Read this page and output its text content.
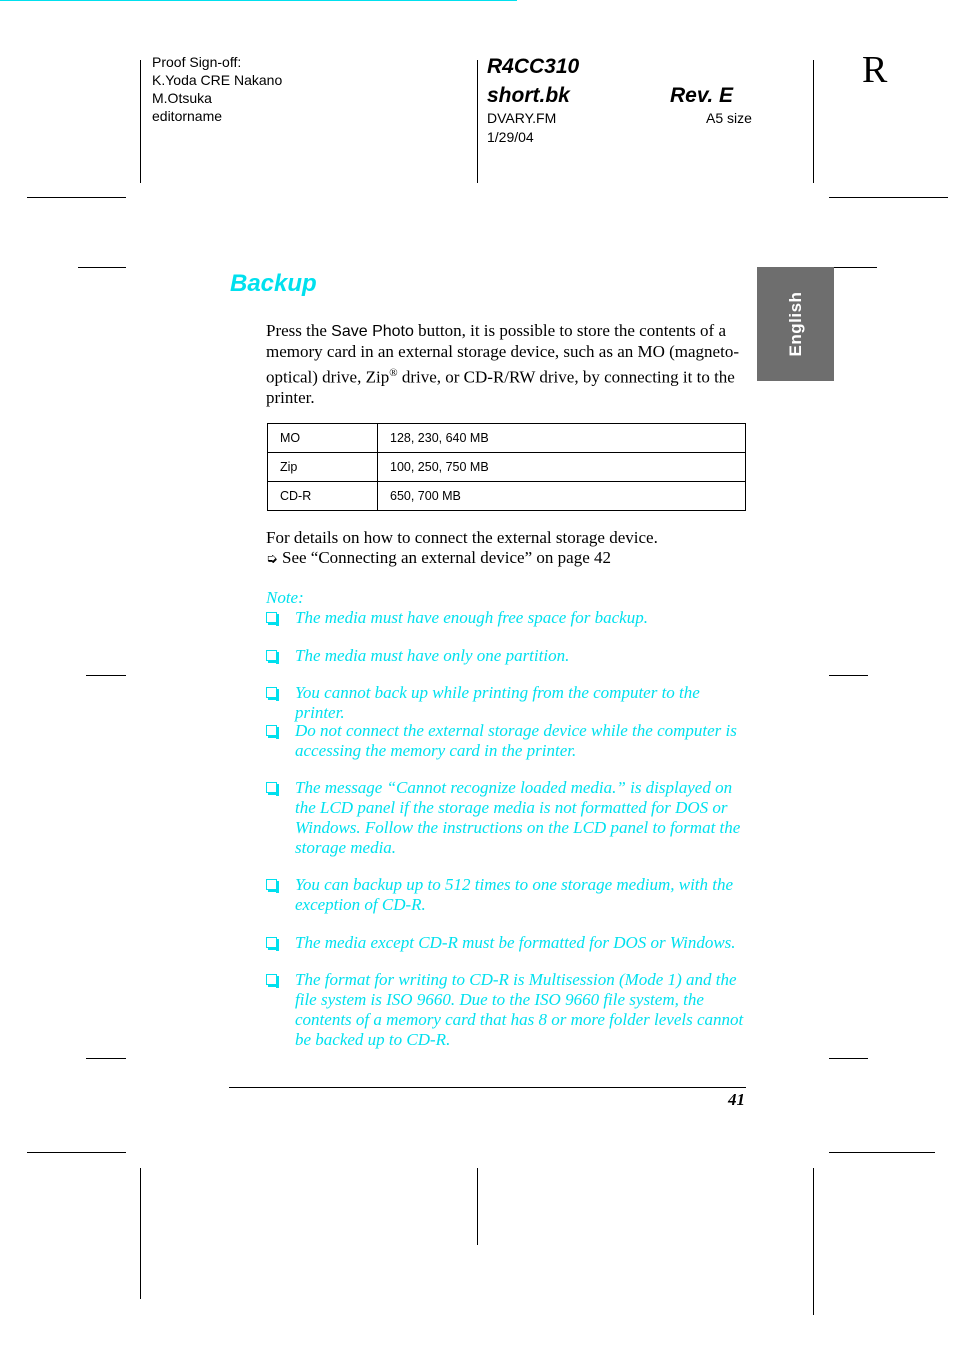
Proof Sign-off:
K.Yoda CRE Nakano
M.Otsuka
editorname
R4CC310
short.bk	Rev. E
DVARY.FM
1/29/04
A5 size
R
English
Backup
Press the Save Photo button, it is possible to store the contents of a memory card in an external storage device, such as an MO (magneto-optical) drive, Zip® drive, or CD-R/RW drive, by connecting it to the printer.
MO	128, 230, 640 MB
Zip	100, 250, 750 MB
CD-R	650, 700 MB
For details on how to connect the external storage device.
➭ See “Connecting an external device” on page 42
Note:
The media must have enough free space for backup.
The media must have only one partition.
You cannot back up while printing from the computer to the printer.
Do not connect the external storage device while the computer is accessing the memory card in the printer.
The message “Cannot recognize loaded media.” is displayed on the LCD panel if the storage media is not formatted for DOS or Windows. Follow the instructions on the LCD panel to format the storage media.
You can backup up to 512 times to one storage medium, with the exception of CD-R.
The media except CD-R must be formatted for DOS or Windows.
The format for writing to CD-R is Multisession (Mode 1) and the file system is ISO 9660. Due to the ISO 9660 file system, the contents of a memory card that has 8 or more folder levels cannot be backed up to CD-R.
41
